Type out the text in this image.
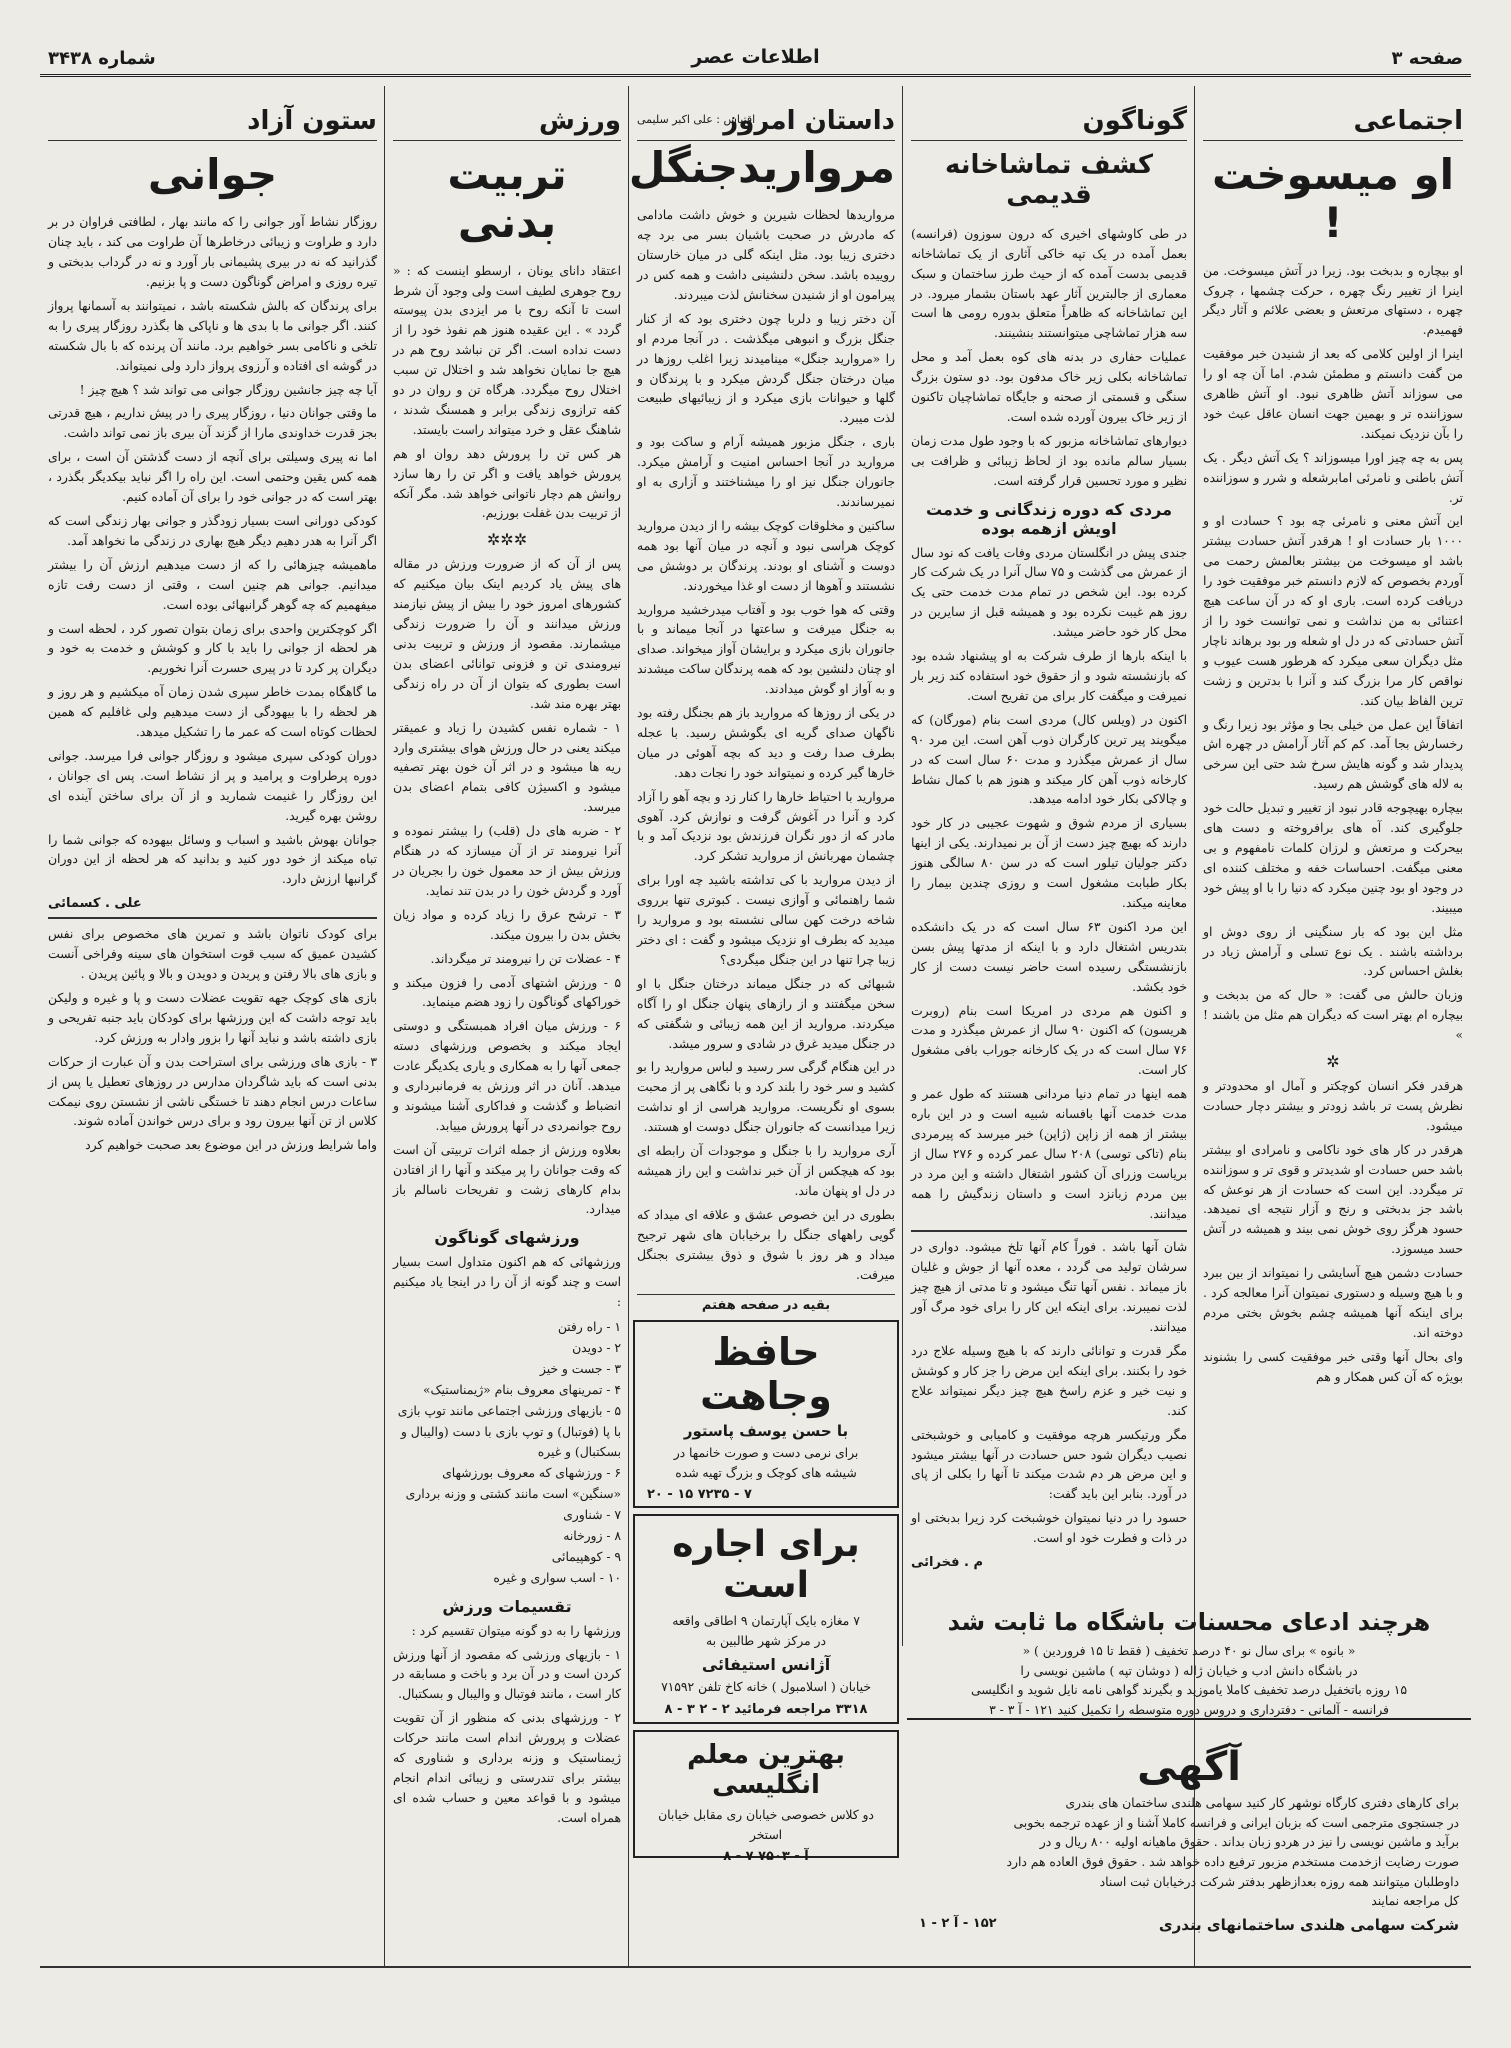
صفحه ۳
اطلاعات عصر
شماره ۳۴۳۸
اجتماعی
او میسوخت !

او بیچاره و بدبخت بود. زیرا در آتش میسوخت. من اینرا از تغییر رنگ چهره ، حرکت چشمها ، چروک چهره ، دستهای مرتعش و بعضی علائم و آثار دیگر فهمیدم.

اینرا از اولین کلامی که بعد از شنیدن خبر موفقیت من گفت دانستم و مطمئن شدم. اما آن چه او را می سوزاند آتش ظاهری نبود. او آتش ظاهری سوزاننده تر و بهمین جهت انسان عاقل عبث خود را بآن نزدیک نمیکند.

پس به چه چیز اورا میسوزاند ؟ یک آتش دیگر . یک آتش باطنی و نامرئی امابرشعله و شرر و سوزاننده تر.

این آتش معنی و نامرئی چه بود ؟ حسادت او و ۱۰۰۰ بار حسادت او ! هرقدر آتش حسادت بیشتر باشد او میسوخت من بیشتر بعالمش رحمت می آوردم بخصوص که لازم دانستم خبر موفقیت خود را دریافت کرده است. باری او که در آن ساعت هیچ اعتنائی به من نداشت و نمی توانست خود را از آتش حسادتی که در دل او شعله ور بود برهاند ناچار مثل دیگران سعی میکرد که هرطور هست عیوب و نواقص کار مرا بزرگ کند و آنرا با بدترین و زشت ترین الفاظ بیان کند.

اتفاقاً این عمل من خیلی بجا و مؤثر بود زیرا رنگ و رخسارش بجا آمد. کم کم آثار آرامش در چهره اش پدیدار شد و گونه هایش سرخ شد حتی این سرخی به لاله های گوشش هم رسید.

بیچاره بهیچوجه قادر نبود از تغییر و تبدیل حالت خود جلوگیری کند. آه های برافروخته و دست های بیحرکت و مرتعش و لرزان کلمات نامفهوم و بی معنی میگفت. احساسات خفه و مختلف کننده ای در وجود او بود چنین میکرد که دنیا را با او پیش خود میبیند.

مثل این بود که بار سنگینی از روی دوش او برداشته باشند . یک نوع تسلی و آرامش زیاد در بغلش احساس کرد.

وزبان حالش می گفت: « حال که من بدبخت و بیچاره ام بهتر است که دیگران هم مثل من باشند ! »

✲

هرقدر فکر انسان کوچکتر و آمال او محدودتر و نظرش پست تر باشد زودتر و بیشتر دچار حسادت میشود.

هرقدر در کار های خود ناکامی و نامرادی او بیشتر باشد حس حسادت او شدیدتر و قوی تر و سوزاننده تر میگردد. این است که حسادت از هر نوعش که باشد جز بدبختی و رنج و آزار نتیجه ای نمیدهد. حسود هرگز روی خوش نمی بیند و همیشه در آتش حسد میسوزد.

حسادت دشمن هیچ آسایشی را نمیتواند از بین ببرد و با هیچ وسیله و دستوری نمیتوان آنرا معالجه کرد . برای اینکه آنها همیشه چشم بخوش بختی مردم دوخته اند.

وای بحال آنها وقتی خبر موفقیت کسی را بشنوند بویژه که آن کس همکار و هم

گوناگون
کشف تماشاخانه قدیمی

در طی کاوشهای اخیری که درون سوزون (فرانسه) بعمل آمده در یک تپه خاکی آثاری از یک تماشاخانه قدیمی بدست آمده که از حیث طرز ساختمان و سبک معماری از جالبترین آثار عهد باستان بشمار میرود. در این تماشاخانه که ظاهراً متعلق بدوره رومی ها است سه هزار تماشاچی میتوانستند بنشینند.

عملیات حفاری در بدنه های کوه بعمل آمد و محل تماشاخانه بکلی زیر خاک مدفون بود. دو ستون بزرگ سنگی و قسمتی از صحنه و جایگاه تماشاچیان تاکنون از زیر خاک بیرون آورده شده است.

دیوارهای تماشاخانه مزبور که با وجود طول مدت زمان بسیار سالم مانده بود از لحاظ زیبائی و ظرافت بی نظیر و مورد تحسین قرار گرفته است.

مردی که دوره زندگانی و خدمت اویش ازهمه بوده

جندی پیش در انگلستان مردی وفات یافت که نود سال از عمرش می گذشت و ۷۵ سال آنرا در یک شرکت کار کرده بود. این شخص در تمام مدت خدمت حتی یک روز هم غیبت نکرده بود و همیشه قبل از سایرین در محل کار خود حاضر میشد.

با اینکه بارها از طرف شرکت به او پیشنهاد شده بود که بازنشسته شود و از حقوق خود استفاده کند زیر بار نمیرفت و میگفت کار برای من تفریح است.

اکنون در (ویلس کال) مردی است بنام (مورگان) که میگویند پیر ترین کارگران ذوب آهن است. این مرد ۹۰ سال از عمرش میگذرد و مدت ۶۰ سال است که در کارخانه ذوب آهن کار میکند و هنوز هم با کمال نشاط و چالاکی بکار خود ادامه میدهد.

بسیاری از مردم شوق و شهوت عجیبی در کار خود دارند که بهیچ چیز دست از آن بر نمیدارند. یکی از اینها دکتر جولیان تیلور است که در سن ۸۰ سالگی هنوز بکار طبابت مشغول است و روزی چندین بیمار را معاینه میکند.

این مرد اکنون ۶۳ سال است که در یک دانشکده بتدریس اشتغال دارد و با اینکه از مدتها پیش بسن بازنشستگی رسیده است حاضر نیست دست از کار خود بکشد.

و اکنون هم مردی در امریکا است بنام (روبرت هریسون) که اکنون ۹۰ سال از عمرش میگذرد و مدت ۷۶ سال است که در یک کارخانه جوراب بافی مشغول کار است.

همه اینها در تمام دنیا مردانی هستند که طول عمر و مدت خدمت آنها بافسانه شبیه است و در این باره بیشتر از همه از زاپن (ژاپن) خبر میرسد که پیرمردی بنام (تاکی توسی) ۲۰۸ سال عمر کرده و ۲۷۶ سال از بریاست وزرای آن کشور اشتغال داشته و این مرد در بین مردم زبانزد است و داستان زندگیش را همه میدانند.

شان آنها باشد . فوراً کام آنها تلخ میشود. دواری در سرشان تولید می گردد ، معده آنها از جوش و غلیان باز میماند . نفس آنها تنگ میشود و تا مدتی از هیچ چیز لذت نمیبرند. برای اینکه این کار را برای خود مرگ آور میدانند.

مگر قدرت و توانائی دارند که با هیچ وسیله علاج درد خود را بکنند. برای اینکه این مرض را جز کار و کوشش و نیت خیر و عزم راسخ هیچ چیز دیگر نمیتواند علاج کند.

مگر ورتیکسر هرچه موفقیت و کامیابی و خوشبختی نصیب دیگران شود حس حسادت در آنها بیشتر میشود و این مرض هر دم شدت میکند تا آنها را بکلی از پای در آورد. بنابر این باید گفت:

حسود را در دنیا نمیتوان خوشبخت کرد زیرا بدبختی او در ذات و فطرت خود او است.

م . فخرائی
داستان امروز
اقتباس : علی اکبر سلیمی
مرواریدجنگل

مرواریدها لحظات شیرین و خوش داشت مادامی که مادرش در صحبت باشیان بسر می برد چه دختری زیبا بود. مثل اینکه گلی در میان خارستان روییده باشد. سخن دلنشینی داشت و همه کس در پیرامون او از شنیدن سخنانش لذت میبردند.

آن دختر زیبا و دلربا چون دختری بود که از کنار جنگل بزرگ و انبوهی میگذشت . در آنجا مردم او را «مروارید جنگل» مینامیدند زیرا اغلب روزها در میان درختان جنگل گردش میکرد و با پرندگان و گلها و حیوانات بازی میکرد و از زیبائیهای طبیعت لذت میبرد.

باری ، جنگل مزبور همیشه آرام و ساکت بود و مروارید در آنجا احساس امنیت و آرامش میکرد. جانوران جنگل نیز او را میشناختند و آزاری به او نمیرساندند.

ساکنین و مخلوقات کوچک بیشه را از دیدن مروارید کوچک هراسی نبود و آنچه در میان آنها بود همه دوست و آشنای او بودند. پرندگان بر دوشش می نشستند و آهوها از دست او غذا میخوردند.

وقتی که هوا خوب بود و آفتاب میدرخشید مروارید به جنگل میرفت و ساعتها در آنجا میماند و با جانوران بازی میکرد و برایشان آواز میخواند. صدای او چنان دلنشین بود که همه پرندگان ساکت میشدند و به آواز او گوش میدادند.

در یکی از روزها که مروارید باز هم بجنگل رفته بود ناگهان صدای گریه ای بگوشش رسید. با عجله بطرف صدا رفت و دید که بچه آهوئی در میان خارها گیر کرده و نمیتواند خود را نجات دهد.

مروارید با احتیاط خارها را کنار زد و بچه آهو را آزاد کرد و آنرا در آغوش گرفت و نوازش کرد. آهوی مادر که از دور نگران فرزندش بود نزدیک آمد و با چشمان مهربانش از مروارید تشکر کرد.

از دیدن مروارید با کی تداشته باشید چه اورا برای شما راهنمائی و آوازی نیست . کبوتری تنها برروی شاخه درخت کهن سالی نشسته بود و مروارید را میدید که بطرف او نزدیک میشود و گفت : ای دختر زیبا چرا تنها در این جنگل میگردی؟

شبهائی که در جنگل میماند درختان جنگل با او سخن میگفتند و از رازهای پنهان جنگل او را آگاه میکردند. مروارید از این همه زیبائی و شگفتی که در جنگل میدید غرق در شادی و سرور میشد.

در این هنگام گرگی سر رسید و لباس مروارید را بو کشید و سر خود را بلند کرد و با نگاهی پر از محبت بسوی او نگریست. مروارید هراسی از او نداشت زیرا میدانست که جانوران جنگل دوست او هستند.

آری مروارید را با جنگل و موجودات آن رابطه ای بود که هیچکس از آن خبر نداشت و این راز همیشه در دل او پنهان ماند.

بطوری در این خصوص عشق و علاقه ای میداد که گویی راههای جنگل را برخیابان های شهر ترجیح میداد و هر روز با شوق و ذوق بیشتری بجنگل میرفت.

بقیه در صفحه هفتم
ورزش
تربیت بدنی

اعتقاد دانای یونان ، ارسطو اینست که : « روح جوهری لطیف است ولی وجود آن شرط است تا آنکه روح با مر ایزدی بدن پیوسته گردد » . این عقیده هنوز هم نفوذ خود را از دست نداده است. اگر تن نباشد روح هم در هیچ جا نمایان نخواهد شد و اختلال تن سبب اختلال روح میگردد. هرگاه تن و روان در دو کفه ترازوی زندگی برابر و همسنگ شدند ، شاهنگ عقل و خرد میتواند راست بایستد.

هر کس تن را پرورش دهد روان او هم پرورش خواهد یافت و اگر تن را رها سازد روانش هم دچار ناتوانی خواهد شد. مگر آنکه از تربیت بدن غفلت بورزیم.

✲✲✲

پس از آن که از ضرورت ورزش در مقاله های پیش یاد کردیم اینک بیان میکنیم که کشورهای امروز خود را بیش از پیش نیازمند ورزش میدانند و آن را ضرورت زندگی میشمارند. مقصود از ورزش و تربیت بدنی نیرومندی تن و فزونی توانائی اعضای بدن است بطوری که بتوان از آن در راه زندگی بهتر بهره مند شد.

۱ - شماره نفس کشیدن را زیاد و عمیقتر میکند یعنی در حال ورزش هوای بیشتری وارد ریه ها میشود و در اثر آن خون بهتر تصفیه میشود و اکسیژن کافی بتمام اعضای بدن میرسد.

۲ - ضربه های دل (قلب) را بیشتر نموده و آنرا نیرومند تر از آن میسازد که در هنگام ورزش بیش از حد معمول خون را بجریان در آورد و گردش خون را در بدن تند نماید.

۳ - ترشح عرق را زیاد کرده و مواد زیان بخش بدن را بیرون میکند.

۴ - عضلات تن را نیرومند تر میگرداند.

۵ - ورزش اشتهای آدمی را فزون میکند و خوراکهای گوناگون را زود هضم مینماید.

۶ - ورزش میان افراد همبستگی و دوستی ایجاد میکند و بخصوص ورزشهای دسته جمعی آنها را به همکاری و یاری یکدیگر عادت میدهد. آنان در اثر ورزش به فرمانبرداری و انضباط و گذشت و فداکاری آشنا میشوند و روح جوانمردی در آنها پرورش مییابد.

بعلاوه ورزش از جمله اثرات تربیتی آن است که وقت جوانان را پر میکند و آنها را از افتادن بدام کارهای زشت و تفریحات ناسالم باز میدارد.

ورزشهای گوناگون

ورزشهائی که هم اکنون متداول است بسیار است و چند گونه از آن را در اینجا یاد میکنیم :

۱ - راه رفتن

۲ - دویدن

۳ - جست و خیز

۴ - تمرینهای معروف بنام «ژیمناستیک»

۵ - بازیهای ورزشی اجتماعی مانند توپ بازی با پا (فوتبال) و توپ بازی با دست (والیبال و بسکتبال) و غیره

۶ - ورزشهای که معروف بورزشهای «سنگین» است مانند کشتی و وزنه برداری

۷ - شناوری

۸ - زورخانه

۹ - کوهپیمائی

۱۰ - اسب سواری و غیره

تقسیمات ورزش

ورزشها را به دو گونه میتوان تقسیم کرد :

۱ - بازیهای ورزشی که مقصود از آنها ورزش کردن است و در آن برد و باخت و مسابقه در کار است ، مانند فوتبال و والیبال و بسکتبال.

۲ - ورزشهای بدنی که منظور از آن تقویت عضلات و پرورش اندام است مانند حرکات ژیمناستیک و وزنه برداری و شناوری که بیشتر برای تندرستی و زیبائی اندام انجام میشود و با قواعد معین و حساب شده ای همراه است.

ستون آزاد
جوانی

روزگار نشاط آور جوانی را که مانند بهار ، لطافتی فراوان در بر دارد و طراوت و زیبائی درخاطرها آن طراوت می کند ، باید چنان گذرانید که نه در بیری پشیمانی بار آورد و نه در گرداب بدبختی و تیره روزی و امراض گوناگون دست و پا بزنیم.

برای پرندگان که بالش شکسته باشد ، نمیتوانند به آسمانها پرواز کنند. اگر جوانی ما با بدی ها و ناپاکی ها بگذرد روزگار پیری را به تلخی و ناکامی بسر خواهیم برد. مانند آن پرنده که با بال شکسته در گوشه ای افتاده و آرزوی پرواز دارد ولی نمیتواند.

آیا چه چیز جانشین روزگار جوانی می تواند شد ؟ هیچ چیز !

ما وقتی جوانان دنیا ، روزگار پیری را در پیش نداریم ، هیچ قدرتی بجز قدرت خداوندی مارا از گزند آن بیری باز نمی تواند داشت.

اما نه پیری وسیلتی برای آنچه از دست گذشتن آن است ، برای همه کس یقین وحتمی است. این راه را اگر نباید بیکدیگر بگذرد ، بهتر است که در جوانی خود را برای آن آماده کنیم.

کودکی دورانی است بسیار زودگذر و جوانی بهار زندگی است که اگر آنرا به هدر دهیم دیگر هیچ بهاری در زندگی ما نخواهد آمد.

ماهمیشه چیزهائی را که از دست میدهیم ارزش آن را بیشتر میدانیم. جوانی هم چنین است ، وقتی از دست رفت تازه میفهمیم که چه گوهر گرانبهائی بوده است.

اگر کوچکترین واحدی برای زمان بتوان تصور کرد ، لحظه است و هر لحظه از جوانی را باید با کار و کوشش و خدمت به خود و دیگران پر کرد تا در پیری حسرت آنرا نخوریم.

ما گاهگاه بمدت خاطر سپری شدن زمان آه میکشیم و هر روز و هر لحظه را با بیهودگی از دست میدهیم ولی غافلیم که همین لحظات کوتاه است که عمر ما را تشکیل میدهد.

دوران کودکی سپری میشود و روزگار جوانی فرا میرسد. جوانی دوره پرطراوت و پرامید و پر از نشاط است. پس ای جوانان ، این روزگار را غنیمت شمارید و از آن برای ساختن آینده ای روشن بهره گیرید.

جوانان بهوش باشید و اسباب و وسائل بیهوده که جوانی شما را تباه میکند از خود دور کنید و بدانید که هر لحظه از این دوران گرانبها ارزش دارد.

علی . کسمائی

برای کودک ناتوان باشد و تمرین های مخصوص برای نفس کشیدن عمیق که سبب قوت استخوان های سینه وفراخی آنست و بازی های بالا رفتن و پریدن و دویدن و بالا و پائین پریدن .

بازی های کوچک جهه تقویت عضلات دست و پا و غیره و ولیکن باید توجه داشت که این ورزشها برای کودکان باید جنبه تفریحی و بازی داشته باشد و نباید آنها را بزور وادار به ورزش کرد.

۳ - بازی های ورزشی برای استراحت بدن و آن عبارت از حرکات بدنی است که باید شاگردان مدارس در روزهای تعطیل یا پس از ساعات درس انجام دهند تا خستگی ناشی از نشستن روی نیمکت کلاس از تن آنها بیرون رود و برای درس خواندن آماده شوند.

واما شرایط ورزش در این موضوع بعد صحبت خواهیم کرد

حافظ وجاهت
با حسن یوسف پاستور

برای نرمی دست و صورت خانمها در

شیشه های کوچک و بزرگ تهیه شده

۷ - ۷۲۳۵ ۱۵ - ۲۰
برای اجاره است

۷ مغازه بایک آپارتمان ۹ اطاقی واقعه

در مرکز شهر طالبین به

آژانس استیفائی

خیابان ( اسلامبول ) خانه کاخ تلفن ۷۱۵۹۲

۳۳۱۸ مراجعه فرمائید ۲ - ۲ ۳ - ۸
بهترین معلم انگلیسی

دو کلاس خصوصی خیابان ری مقابل خیابان استخر

آ - ۷۵۰۳ ۷ - ۸
هرچند ادعای محسنات باشگاه ما ثابت شد

« بانوه » برای سال نو ۴۰ درصد تخفیف ( فقط تا ۱۵ فروردین ) «

در باشگاه دانش ادب و خیابان ژاله ( دوشان تپه ) ماشین نویسی را

۱۵ روزه باتخفیل درصد تخفیف کاملا یاموزید و بگیرند گواهی نامه نایل شوید و انگلیسی

فرانسه - آلمانی - دفترداری و دروس دوره متوسطه را تکمیل کنید ۱۲۱ - آ ۳ - ۳

آگهی

برای کارهای دفتری کارگاه نوشهر کار کنید سهامی هلندی ساختمان های بندری

در جستجوی مترجمی است که بزبان ایرانی و فرانسه کاملا آشنا و از عهده ترجمه بخوبی

برآید و ماشین نویسی را نیز در هردو زبان بداند . حقوق ماهیانه اولیه ۸۰۰ ریال و در

صورت رضایت ازخدمت مستخدم مزبور ترفیع داده خواهد شد . حقوق فوق العاده هم دارد

داوطلبان میتوانند همه روزه بعدازظهر بدفتر شرکت درخیابان ثبت اسناد

کل مراجعه نمایند

شرکت سهامی هلندی ساختمانهای بندری
۱۵۲ - آ ۲ - ۱
